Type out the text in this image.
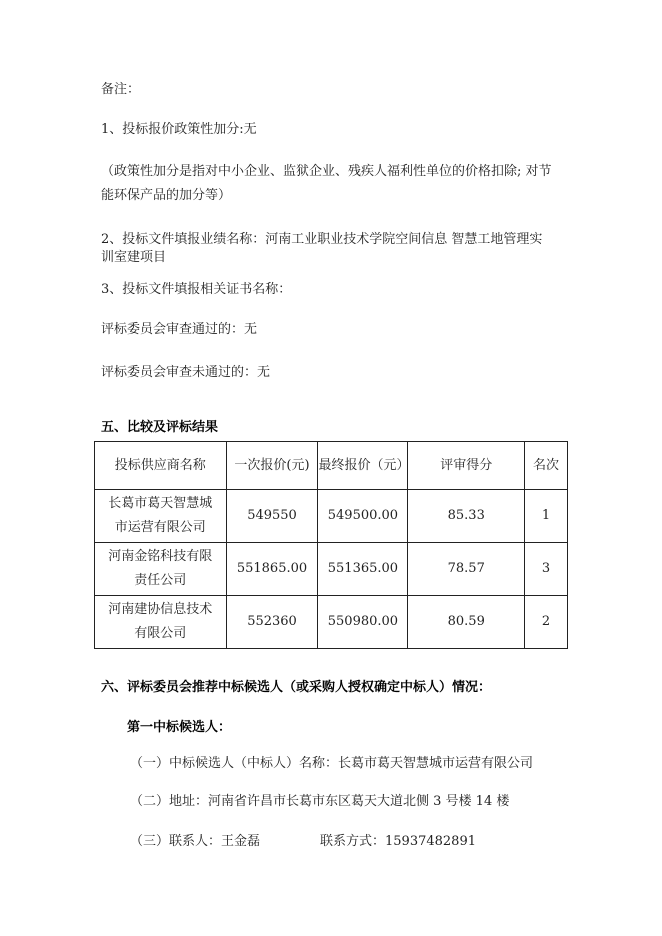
备注：
1、投标报价政策性加分:无
（政策性加分是指对中小企业、监狱企业、残疾人福利性单位的价格扣除; 对节
能环保产品的加分等）
2、投标文件填报业绩名称：河南工业职业技术学院空间信息 智慧工地管理实
训室建项目
3、投标文件填报相关证书名称：
评标委员会审查通过的：无
评标委员会审查未通过的：无
五、比较及评标结果
投标供应商名称	一次报价(元)	最终报价（元）	评审得分	名次
长葛市葛天智慧城
市运营有限公司	549550	549500.00	85.33	1
河南金铭科技有限
责任公司	551865.00	551365.00	78.57	3
河南建协信息技术
有限公司	552360	550980.00	80.59	2
六、评标委员会推荐中标候选人（或采购人授权确定中标人）情况：
第一中标候选人：
（一）中标候选人（中标人）名称：长葛市葛天智慧城市运营有限公司
（二）地址：河南省许昌市长葛市东区葛天大道北侧 3 号楼 14 楼
（三）联系人：王金磊	联系方式：15937482891
